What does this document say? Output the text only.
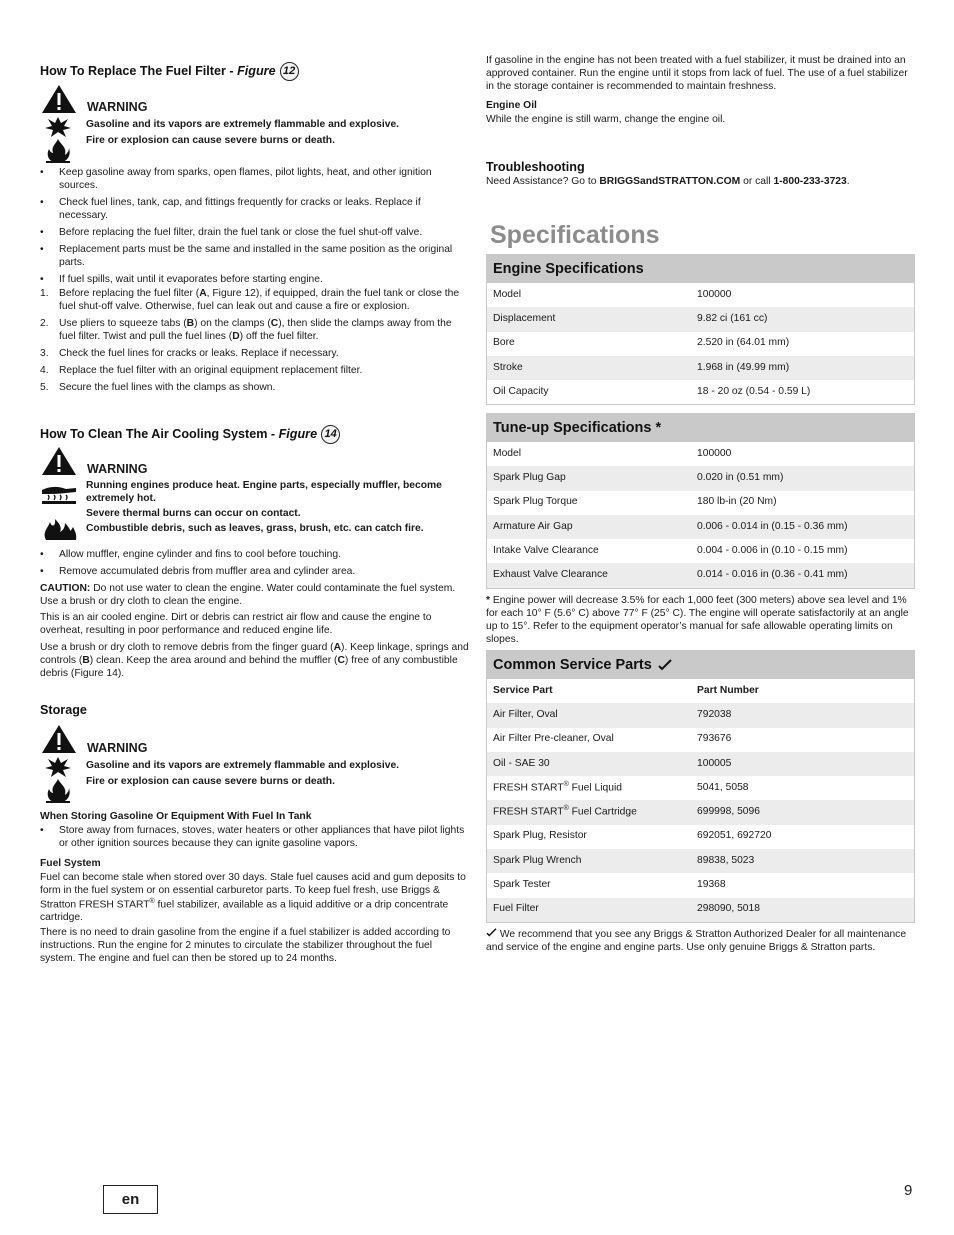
How To Replace The Fuel Filter - Figure 12
WARNING
Gasoline and its vapors are extremely flammable and explosive.
Fire or explosion can cause severe burns or death.
• Keep gasoline away from sparks, open flames, pilot lights, heat, and other ignition sources.
• Check fuel lines, tank, cap, and fittings frequently for cracks or leaks. Replace if necessary.
• Before replacing the fuel filter, drain the fuel tank or close the fuel shut-off valve.
• Replacement parts must be the same and installed in the same position as the original parts.
• If fuel spills, wait until it evaporates before starting engine.
1. Before replacing the fuel filter (A, Figure 12), if equipped, drain the fuel tank or close the fuel shut-off valve. Otherwise, fuel can leak out and cause a fire or explosion.
2. Use pliers to squeeze tabs (B) on the clamps (C), then slide the clamps away from the fuel filter. Twist and pull the fuel lines (D) off the fuel filter.
3. Check the fuel lines for cracks or leaks. Replace if necessary.
4. Replace the fuel filter with an original equipment replacement filter.
5. Secure the fuel lines with the clamps as shown.
How To Clean The Air Cooling System - Figure 14
WARNING
Running engines produce heat. Engine parts, especially muffler, become extremely hot.
Severe thermal burns can occur on contact.
Combustible debris, such as leaves, grass, brush, etc. can catch fire.
• Allow muffler, engine cylinder and fins to cool before touching.
• Remove accumulated debris from muffler area and cylinder area.

CAUTION: Do not use water to clean the engine. Water could contaminate the fuel system. Use a brush or dry cloth to clean the engine.

This is an air cooled engine. Dirt or debris can restrict air flow and cause the engine to overheat, resulting in poor performance and reduced engine life.

Use a brush or dry cloth to remove debris from the finger guard (A). Keep linkage, springs and controls (B) clean. Keep the area around and behind the muffler (C) free of any combustible debris (Figure 14).

Storage
WARNING
Gasoline and its vapors are extremely flammable and explosive.
Fire or explosion can cause severe burns or death.
When Storing Gasoline Or Equipment With Fuel In Tank
• Store away from furnaces, stoves, water heaters or other appliances that have pilot lights or other ignition sources because they can ignite gasoline vapors.
Fuel System

Fuel can become stale when stored over 30 days. Stale fuel causes acid and gum deposits to form in the fuel system or on essential carburetor parts. To keep fuel fresh, use Briggs & Stratton FRESH START® fuel stabilizer, available as a liquid additive or a drip concentrate cartridge.

There is no need to drain gasoline from the engine if a fuel stabilizer is added according to instructions. Run the engine for 2 minutes to circulate the stabilizer throughout the fuel system. The engine and fuel can then be stored up to 24 months.

If gasoline in the engine has not been treated with a fuel stabilizer, it must be drained into an approved container. Run the engine until it stops from lack of fuel. The use of a fuel stabilizer in the storage container is recommended to maintain freshness.

Engine Oil

While the engine is still warm, change the engine oil.

Troubleshooting

Need Assistance? Go to BRIGGSandSTRATTON.COM or call 1-800-233-3723.

Specifications
Engine Specifications
Model	100000
Displacement	9.82 ci (161 cc)
Bore	2.520 in (64.01 mm)
Stroke	1.968 in (49.99 mm)
Oil Capacity	18 - 20 oz (0.54 - 0.59 L)
Tune-up Specifications *
Model	100000
Spark Plug Gap	0.020 in (0.51 mm)
Spark Plug Torque	180 lb-in (20 Nm)
Armature Air Gap	0.006 - 0.014 in (0.15 - 0.36 mm)
Intake Valve Clearance	0.004 - 0.006 in (0.10 - 0.15 mm)
Exhaust Valve Clearance	0.014 - 0.016 in (0.36 - 0.41 mm)

* Engine power will decrease 3.5% for each 1,000 feet (300 meters) above sea level and 1% for each 10° F (5.6° C) above 77° F (25° C). The engine will operate satisfactorily at an angle up to 15°. Refer to the equipment operator’s manual for safe allowable operating limits on slopes.

Common Service Parts
Service Part	Part Number
Air Filter, Oval	792038
Air Filter Pre-cleaner, Oval	793676
Oil - SAE 30	100005
FRESH START® Fuel Liquid	5041, 5058
FRESH START® Fuel Cartridge	699998, 5096
Spark Plug, Resistor	692051, 692720
Spark Plug Wrench	89838, 5023
Spark Tester	19368
Fuel Filter	298090, 5018

We recommend that you see any Briggs & Stratton Authorized Dealer for all maintenance and service of the engine and engine parts. Use only genuine Briggs & Stratton parts.

en
9
